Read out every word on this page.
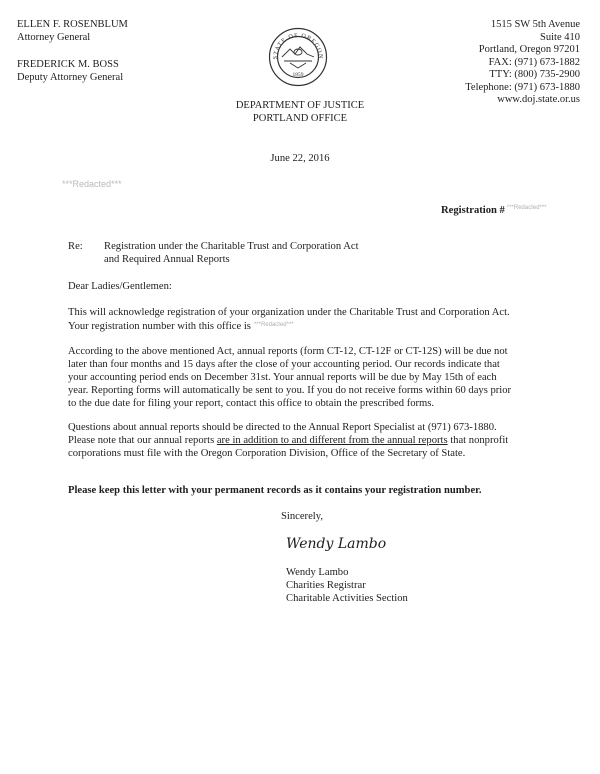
ELLEN F. ROSENBLUM
Attorney General
FREDERICK M. BOSS
Deputy Attorney General
STATE OF OREGON
1859
1515 SW 5th Avenue
Suite 410
Portland, Oregon 97201
FAX: (971) 673-1882
TTY: (800) 735-2900
Telephone: (971) 673-1880
www.doj.state.or.us
DEPARTMENT OF JUSTICE
PORTLAND OFFICE
June 22, 2016
***Redacted***
Registration # $^{***Redacted***}$
Re: Registration under the Charitable Trust and Corporation Act
and Required Annual Reports
Dear Ladies/Gentlemen:
This will acknowledge registration of your organization under the Charitable Trust and Corporation Act.
Your registration number with this office is $^{***Redacted***}$
According to the above mentioned Act, annual reports (form CT-12, CT-12F or CT-12S) will be due not
later than four months and 15 days after the close of your accounting period. Our records indicate that
your accounting period ends on December 31st. Your annual reports will be due by May 15th of each
year. Reporting forms will automatically be sent to you. If you do not receive forms within 60 days prior
to the due date for filing your report, contact this office to obtain the prescribed forms.
Questions about annual reports should be directed to the Annual Report Specialist at (971) 673-1880.
Please note that our annual reports are in addition to and different from the annual reports that nonprofit
corporations must file with the Oregon Corporation Division, Office of the Secretary of State.
Please keep this letter with your permanent records as it contains your registration number.
Sincerely,
Wendy Lambo
Wendy Lambo
Charities Registrar
Charitable Activities Section
